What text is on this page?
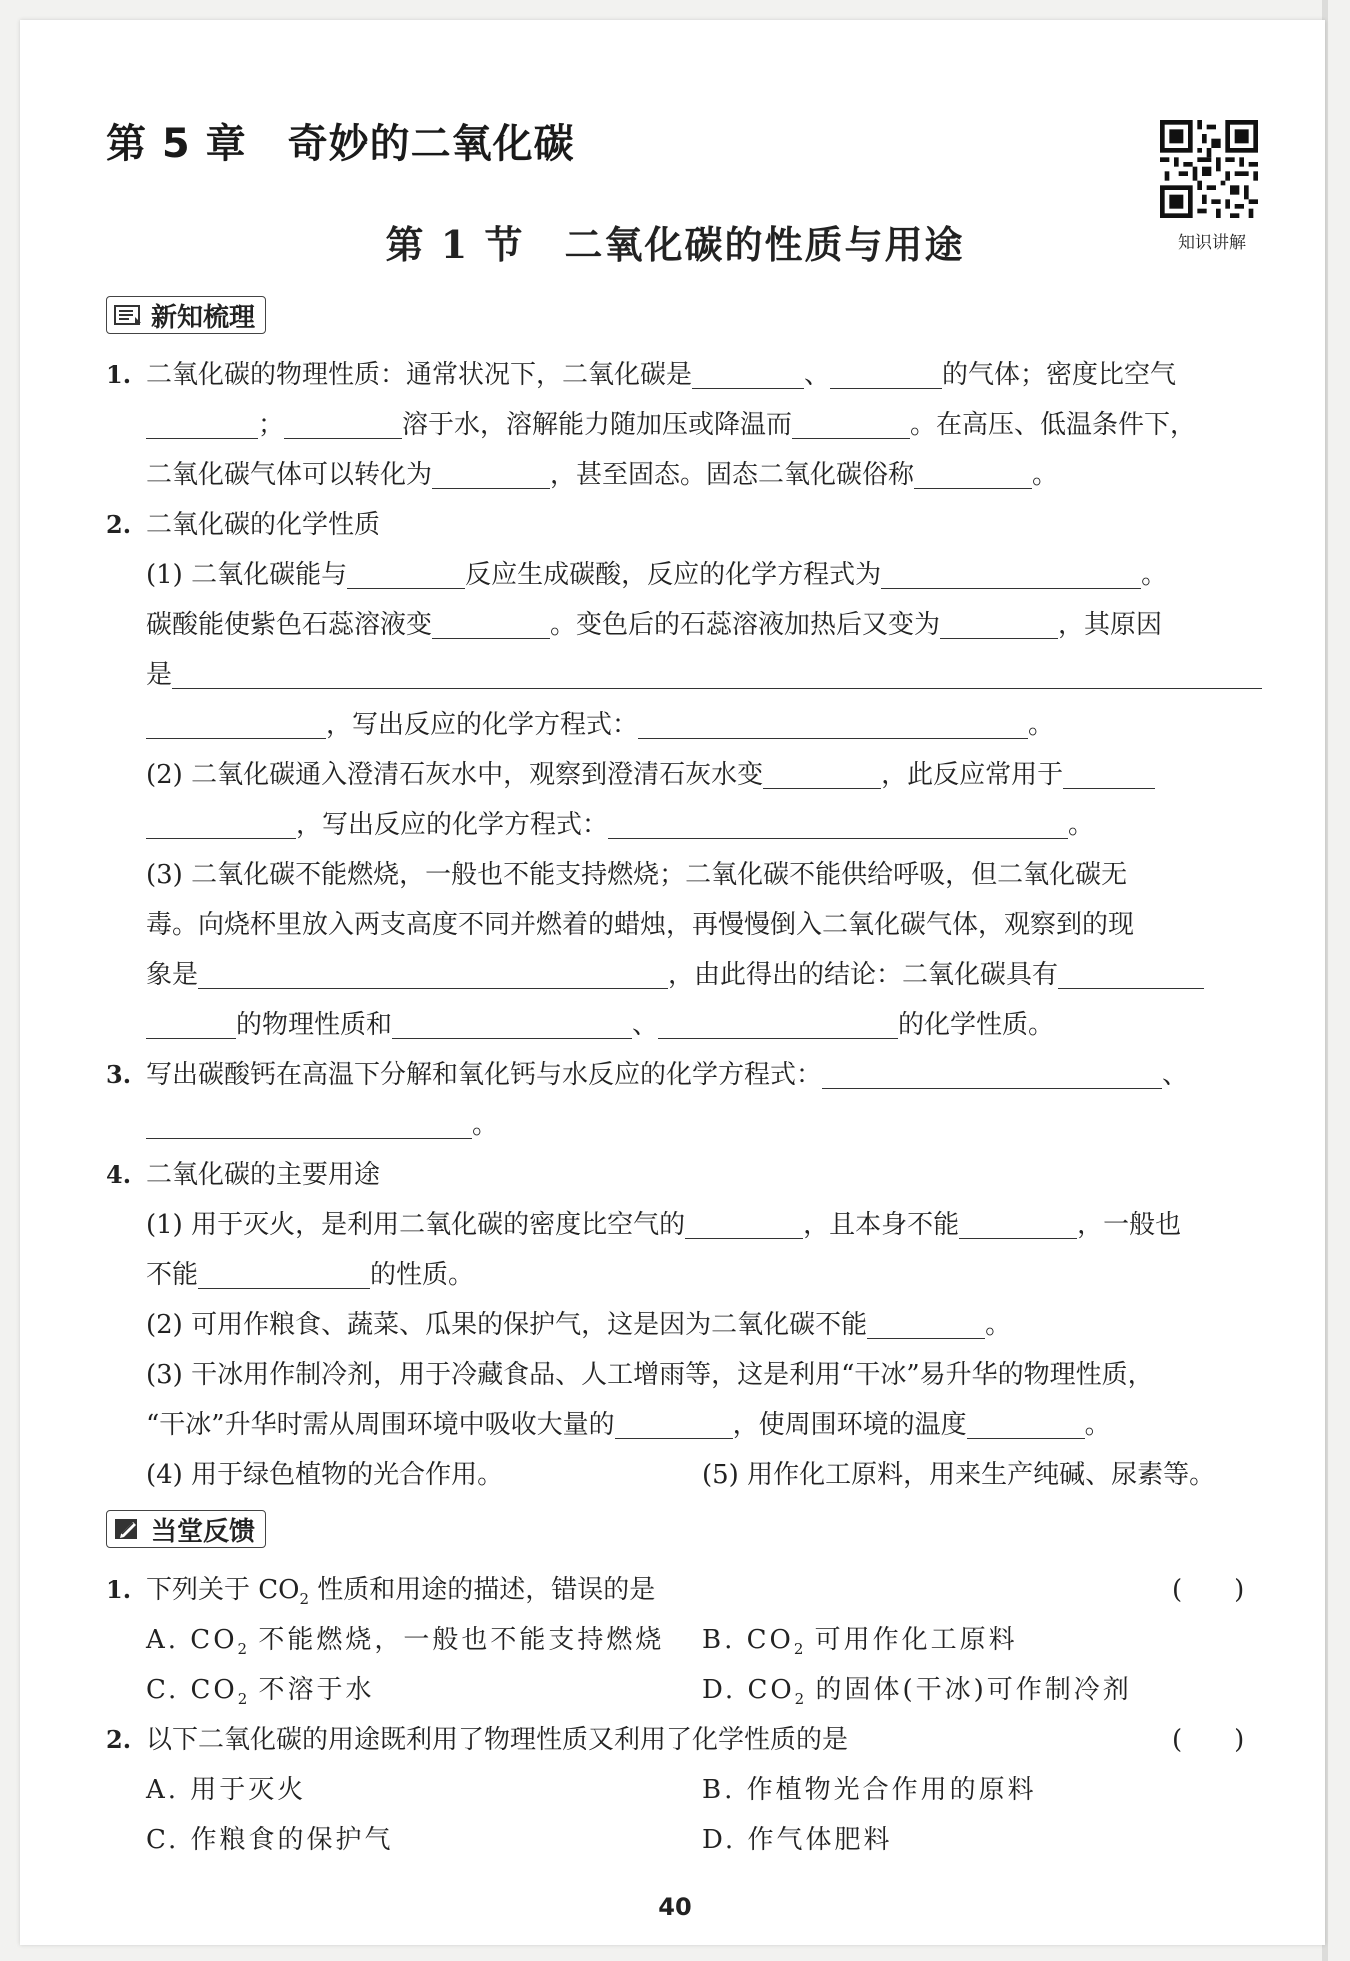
第 5 章　奇妙的二氧化碳
知识讲解
第 1 节　二氧化碳的性质与用途
新知梳理
1. 二氧化碳的物理性质：通常状况下，二氧化碳是	、	的气体；密度比空气
；	溶于水，溶解能力随加压或降温而	。在高压、低温条件下，
二氧化碳气体可以转化为	，甚至固态。固态二氧化碳俗称	。
2. 二氧化碳的化学性质
(1) 二氧化碳能与	反应生成碳酸，反应的化学方程式为	。
碳酸能使紫色石蕊溶液变	。变色后的石蕊溶液加热后又变为	，其原因
是
，写出反应的化学方程式：	。
(2) 二氧化碳通入澄清石灰水中，观察到澄清石灰水变	，此反应常用于
，写出反应的化学方程式：	。
(3) 二氧化碳不能燃烧，一般也不能支持燃烧；二氧化碳不能供给呼吸，但二氧化碳无
毒。向烧杯里放入两支高度不同并燃着的蜡烛，再慢慢倒入二氧化碳气体，观察到的现
象是	，由此得出的结论：二氧化碳具有
的物理性质和	、	的化学性质。
3. 写出碳酸钙在高温下分解和氧化钙与水反应的化学方程式：	、
。
4. 二氧化碳的主要用途
(1) 用于灭火，是利用二氧化碳的密度比空气的	，且本身不能	，一般也
不能	的性质。
(2) 可用作粮食、蔬菜、瓜果的保护气，这是因为二氧化碳不能	。
(3) 干冰用作制冷剂，用于冷藏食品、人工增雨等，这是利用“干冰”易升华的物理性质，
“干冰”升华时需从周围环境中吸收大量的	，使周围环境的温度	。
(4) 用于绿色植物的光合作用。	(5) 用作化工原料，用来生产纯碱、尿素等。
当堂反馈
1. 下列关于 $CO_2$ 性质和用途的描述，错误的是	(　　)
A. $CO_2$ 不能燃烧，一般也不能支持燃烧 B. $CO_2$ 可用作化工原料
C. $CO_2$ 不溶于水	D. $CO_2$ 的固体(干冰)可作制冷剂
2. 以下二氧化碳的用途既利用了物理性质又利用了化学性质的是	(　　)
A. 用于灭火	B. 作植物光合作用的原料
C. 作粮食的保护气	D. 作气体肥料
40
